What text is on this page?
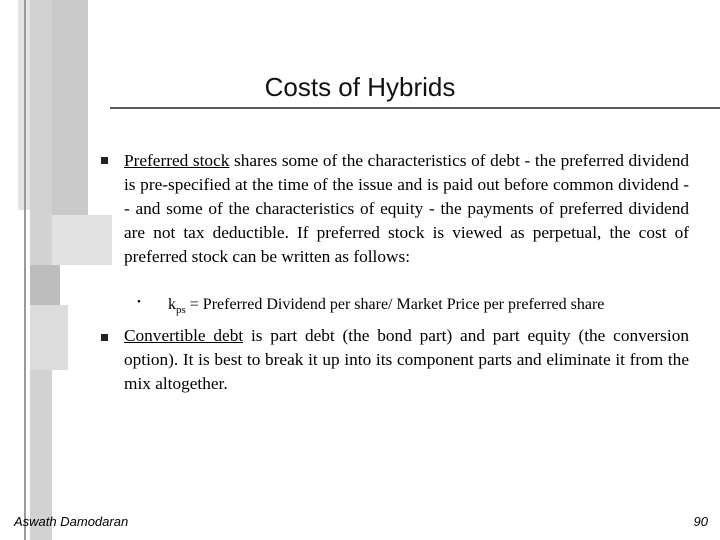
Costs of Hybrids
Preferred stock shares some of the characteristics of debt - the preferred dividend is pre-specified at the time of the issue and is paid out before common dividend -- and some of the characteristics of equity - the payments of preferred dividend are not tax deductible. If preferred stock is viewed as perpetual, the cost of preferred stock can be written as follows:
• $k_{ps}$ = Preferred Dividend per share/ Market Price per preferred share
Convertible debt is part debt (the bond part) and part equity (the conversion option). It is best to break it up into its component parts and eliminate it from the mix altogether.
Aswath Damodaran	90
